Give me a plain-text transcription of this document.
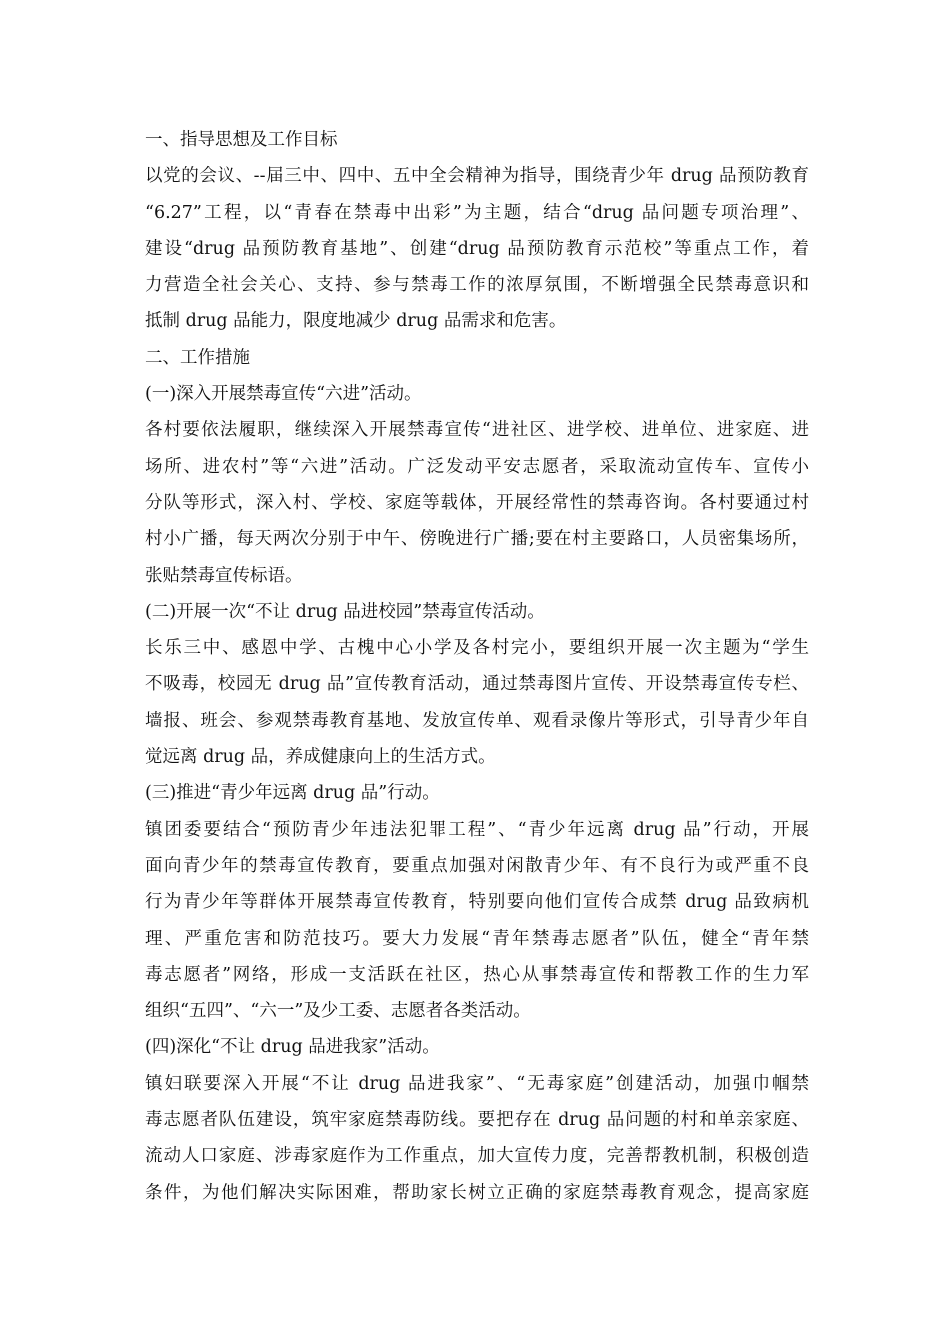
一、指导思想及工作目标
以党的会议、--届三中、四中、五中全会精神为指导，围绕青少年 drug 品预防教育
“6.27”工程，以“青春在禁毒中出彩”为主题，结合“drug 品问题专项治理”、
建设“drug 品预防教育基地”、创建“drug 品预防教育示范校”等重点工作，着
力营造全社会关心、支持、参与禁毒工作的浓厚氛围，不断增强全民禁毒意识和
抵制 drug 品能力，限度地减少 drug 品需求和危害。
二、工作措施
(一)深入开展禁毒宣传“六进”活动。
各村要依法履职，继续深入开展禁毒宣传“进社区、进学校、进单位、进家庭、进
场所、进农村”等“六进”活动。广泛发动平安志愿者，采取流动宣传车、宣传小
分队等形式，深入村、学校、家庭等载体，开展经常性的禁毒咨询。各村要通过村
村小广播，每天两次分别于中午、傍晚进行广播;要在村主要路口，人员密集场所，
张贴禁毒宣传标语。
(二)开展一次“不让 drug 品进校园”禁毒宣传活动。
长乐三中、感恩中学、古槐中心小学及各村完小，要组织开展一次主题为“学生
不吸毒，校园无 drug 品”宣传教育活动，通过禁毒图片宣传、开设禁毒宣传专栏、
墙报、班会、参观禁毒教育基地、发放宣传单、观看录像片等形式，引导青少年自
觉远离 drug 品，养成健康向上的生活方式。
(三)推进“青少年远离 drug 品”行动。
镇团委要结合“预防青少年违法犯罪工程”、“青少年远离 drug 品”行动，开展
面向青少年的禁毒宣传教育，要重点加强对闲散青少年、有不良行为或严重不良
行为青少年等群体开展禁毒宣传教育，特别要向他们宣传合成禁 drug 品致病机
理、严重危害和防范技巧。要大力发展“青年禁毒志愿者”队伍，健全“青年禁
毒志愿者”网络，形成一支活跃在社区，热心从事禁毒宣传和帮教工作的生力军
组织“五四”、“六一”及少工委、志愿者各类活动。
(四)深化“不让 drug 品进我家”活动。
镇妇联要深入开展“不让 drug 品进我家”、“无毒家庭”创建活动，加强巾帼禁
毒志愿者队伍建设，筑牢家庭禁毒防线。要把存在 drug 品问题的村和单亲家庭、
流动人口家庭、涉毒家庭作为工作重点，加大宣传力度，完善帮教机制，积极创造
条件，为他们解决实际困难，帮助家长树立正确的家庭禁毒教育观念，提高家庭
